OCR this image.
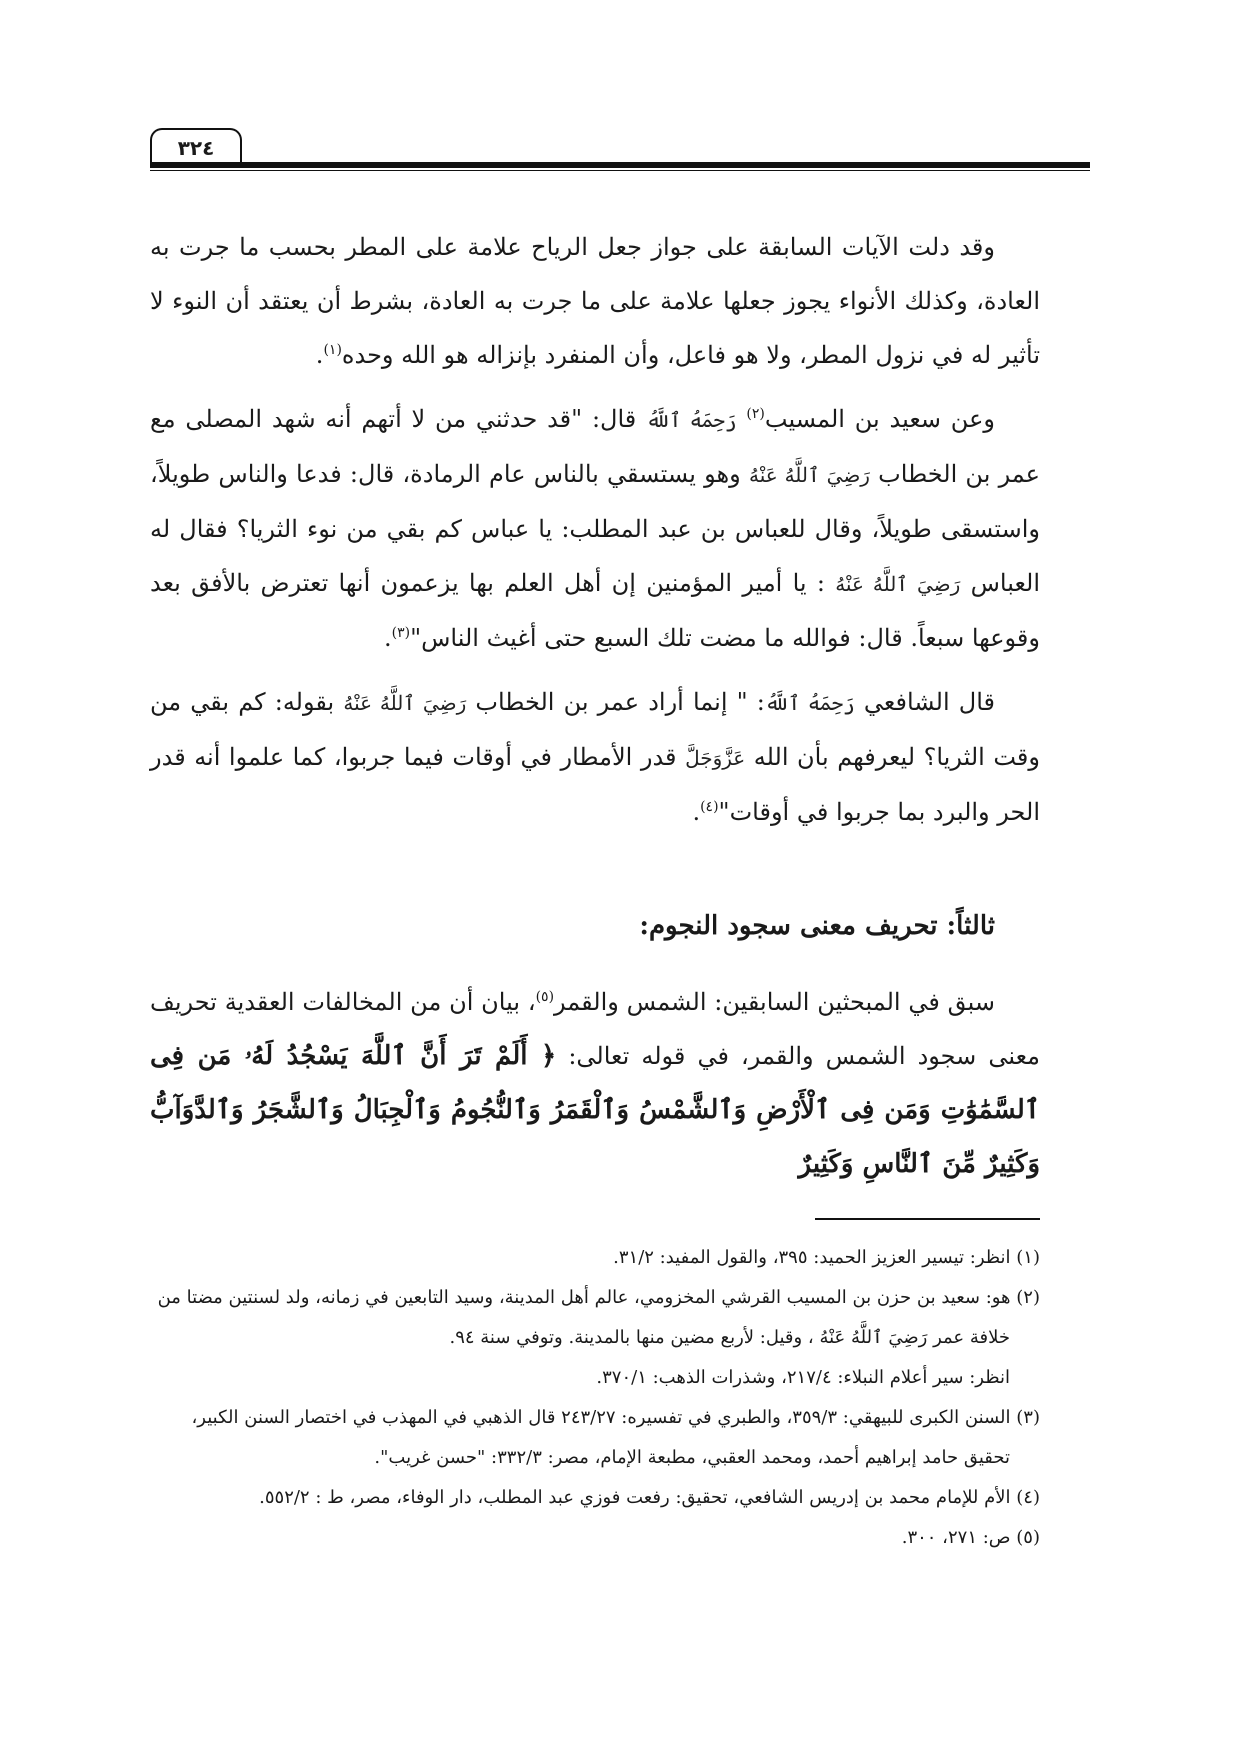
٣٢٤

وقد دلت الآيات السابقة على جواز جعل الرياح علامة على المطر بحسب ما جرت به العادة، وكذلك الأنواء يجوز جعلها علامة على ما جرت به العادة، بشرط أن يعتقد أن النوء لا تأثير له في نزول المطر، ولا هو فاعل، وأن المنفرد بإنزاله هو الله وحده$^{(١)}$.

وعن سعيد بن المسيب$^{(٢)}$ رَحِمَهُ ٱللَّهُ قال: "قد حدثني من لا أتهم أنه شهد المصلى مع عمر بن الخطاب رَضِيَ ٱللَّهُ عَنْهُ وهو يستسقي بالناس عام الرمادة، قال: فدعا والناس طويلاً، واستسقى طويلاً، وقال للعباس بن عبد المطلب: يا عباس كم بقي من نوء الثريا؟ فقال له العباس رَضِيَ ٱللَّهُ عَنْهُ : يا أمير المؤمنين إن أهل العلم بها يزعمون أنها تعترض بالأفق بعد وقوعها سبعاً. قال: فوالله ما مضت تلك السبع حتى أغيث الناس"$^{(٣)}$.

قال الشافعي رَحِمَهُ ٱللَّهُ: " إنما أراد عمر بن الخطاب رَضِيَ ٱللَّهُ عَنْهُ بقوله: كم بقي من وقت الثريا؟ ليعرفهم بأن الله عَزَّوَجَلَّ قدر الأمطار في أوقات فيما جربوا، كما علموا أنه قدر الحر والبرد بما جربوا في أوقات"$^{(٤)}$.

ثالثاً: تحريف معنى سجود النجوم:

سبق في المبحثين السابقين: الشمس والقمر$^{(٥)}$، بيان أن من المخالفات العقدية تحريف معنى سجود الشمس والقمر، في قوله تعالى: ﴿ أَلَمْ تَرَ أَنَّ ٱللَّهَ يَسْجُدُ لَهُۥ مَن فِى ٱلسَّمَٰوَٰتِ وَمَن فِى ٱلْأَرْضِ وَٱلشَّمْسُ وَٱلْقَمَرُ وَٱلنُّجُومُ وَٱلْجِبَالُ وَٱلشَّجَرُ وَٱلدَّوَآبُّ وَكَثِيرٌ مِّنَ ٱلنَّاسِ وَكَثِيرٌ

(١) انظر: تيسير العزيز الحميد: ٣٩٥، والقول المفيد: ٣١/٢.

(٢) هو: سعيد بن حزن بن المسيب القرشي المخزومي، عالم أهل المدينة، وسيد التابعين في زمانه، ولد لسنتين مضتا من

خلافة عمر رَضِيَ ٱللَّهُ عَنْهُ ، وقيل: لأربع مضين منها بالمدينة. وتوفي سنة ٩٤.

انظر: سير أعلام النبلاء: ٢١٧/٤، وشذرات الذهب: ٣٧٠/١.

(٣) السنن الكبرى للبيهقي: ٣٥٩/٣، والطبري في تفسيره: ٢٤٣/٢٧ قال الذهبي في المهذب في اختصار السنن الكبير،

تحقيق حامد إبراهيم أحمد، ومحمد العقبي، مطبعة الإمام، مصر: ٣٣٢/٣: "حسن غريب".

(٤) الأم للإمام محمد بن إدريس الشافعي، تحقيق: رفعت فوزي عبد المطلب، دار الوفاء، مصر، ط : ٥٥٢/٢.

(٥) ص: ٢٧١، ٣٠٠.
